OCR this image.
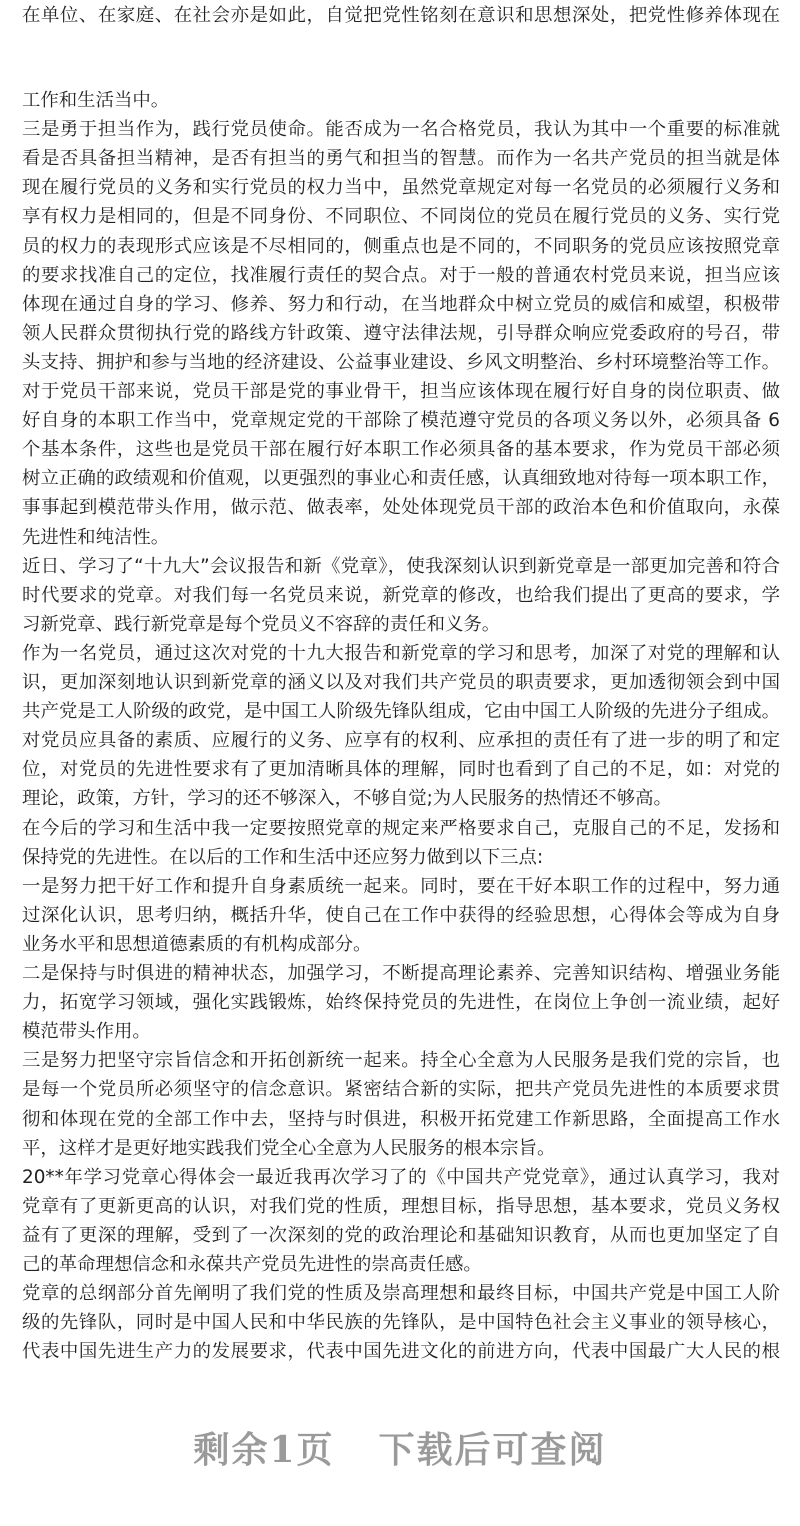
在单位、在家庭、在社会亦是如此，自觉把党性铭刻在意识和思想深处，把党性修养体现在
工作和生活当中。
三是勇于担当作为，践行党员使命。能否成为一名合格党员，我认为其中一个重要的标准就
看是否具备担当精神，是否有担当的勇气和担当的智慧。而作为一名共产党员的担当就是体
现在履行党员的义务和实行党员的权力当中，虽然党章规定对每一名党员的必须履行义务和
享有权力是相同的，但是不同身份、不同职位、不同岗位的党员在履行党员的义务、实行党
员的权力的表现形式应该是不尽相同的，侧重点也是不同的，不同职务的党员应该按照党章
的要求找准自己的定位，找准履行责任的契合点。对于一般的普通农村党员来说，担当应该
体现在通过自身的学习、修养、努力和行动，在当地群众中树立党员的威信和威望，积极带
领人民群众贯彻执行党的路线方针政策、遵守法律法规，引导群众响应党委政府的号召，带
头支持、拥护和参与当地的经济建设、公益事业建设、乡风文明整治、乡村环境整治等工作。
对于党员干部来说，党员干部是党的事业骨干，担当应该体现在履行好自身的岗位职责、做
好自身的本职工作当中，党章规定党的干部除了模范遵守党员的各项义务以外，必须具备 6
个基本条件，这些也是党员干部在履行好本职工作必须具备的基本要求，作为党员干部必须
树立正确的政绩观和价值观，以更强烈的事业心和责任感，认真细致地对待每一项本职工作，
事事起到模范带头作用，做示范、做表率，处处体现党员干部的政治本色和价值取向，永葆
先进性和纯洁性。
近日、学习了“十九大”会议报告和新《党章》，使我深刻认识到新党章是一部更加完善和符合
时代要求的党章。对我们每一名党员来说，新党章的修改，也给我们提出了更高的要求，学
习新党章、践行新党章是每个党员义不容辞的责任和义务。
作为一名党员，通过这次对党的十九大报告和新党章的学习和思考，加深了对党的理解和认
识，更加深刻地认识到新党章的涵义以及对我们共产党员的职责要求，更加透彻领会到中国
共产党是工人阶级的政党，是中国工人阶级先锋队组成，它由中国工人阶级的先进分子组成。
对党员应具备的素质、应履行的义务、应享有的权利、应承担的责任有了进一步的明了和定
位，对党员的先进性要求有了更加清晰具体的理解，同时也看到了自己的不足，如：对党的
理论，政策，方针，学习的还不够深入，不够自觉;为人民服务的热情还不够高。
在今后的学习和生活中我一定要按照党章的规定来严格要求自己，克服自己的不足，发扬和
保持党的先进性。在以后的工作和生活中还应努力做到以下三点:
一是努力把干好工作和提升自身素质统一起来。同时，要在干好本职工作的过程中，努力通
过深化认识，思考归纳，概括升华，使自己在工作中获得的经验思想，心得体会等成为自身
业务水平和思想道德素质的有机构成部分。
二是保持与时俱进的精神状态，加强学习，不断提高理论素养、完善知识结构、增强业务能
力，拓宽学习领域，强化实践锻炼，始终保持党员的先进性，在岗位上争创一流业绩，起好
模范带头作用。
三是努力把坚守宗旨信念和开拓创新统一起来。持全心全意为人民服务是我们党的宗旨，也
是每一个党员所必须坚守的信念意识。紧密结合新的实际，把共产党员先进性的本质要求贯
彻和体现在党的全部工作中去，坚持与时俱进，积极开拓党建工作新思路，全面提高工作水
平，这样才是更好地实践我们党全心全意为人民服务的根本宗旨。
20**年学习党章心得体会一最近我再次学习了的《中国共产党党章》，通过认真学习，我对
党章有了更新更高的认识，对我们党的性质，理想目标，指导思想，基本要求，党员义务权
益有了更深的理解，受到了一次深刻的党的政治理论和基础知识教育，从而也更加坚定了自
己的革命理想信念和永葆共产党员先进性的崇高责任感。
党章的总纲部分首先阐明了我们党的性质及崇高理想和最终目标，中国共产党是中国工人阶
级的先锋队，同时是中国人民和中华民族的先锋队，是中国特色社会主义事业的领导核心，
代表中国先进生产力的发展要求，代表中国先进文化的前进方向，代表中国最广大人民的根
剩余1页 下载后可查阅
